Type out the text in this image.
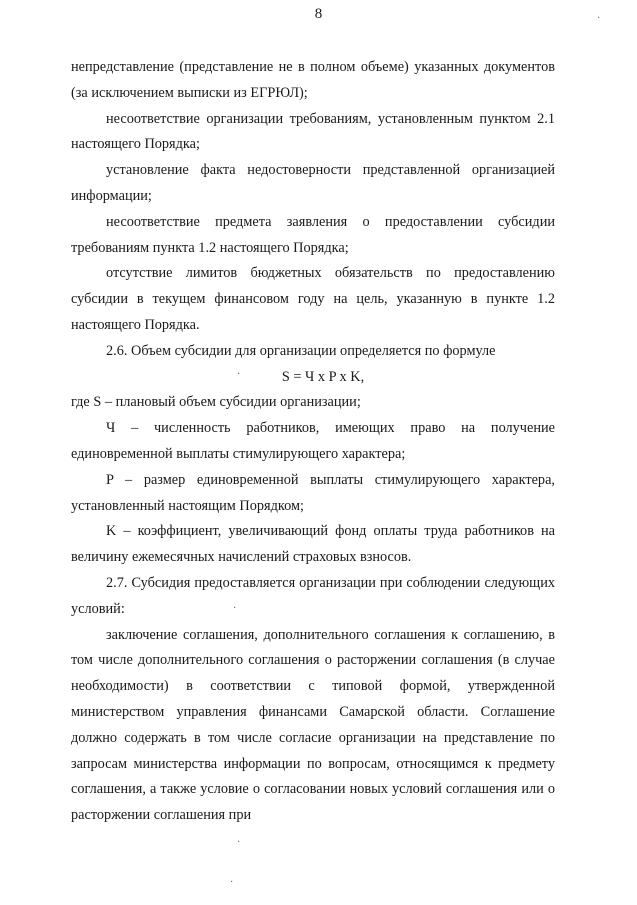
8

непредставление (представление не в полном объеме) указанных документов (за исключением выписки из ЕГРЮЛ);

несоответствие организации требованиям, установленным пунктом 2.1 настоящего Порядка;

установление факта недостоверности представленной организацией информации;

несоответствие предмета заявления о предоставлении субсидии требованиям пункта 1.2 настоящего Порядка;

отсутствие лимитов бюджетных обязательств по предоставлению субсидии в текущем финансовом году на цель, указанную в пункте 1.2 настоящего Порядка.

2.6. Объем субсидии для организации определяется по формуле

S = Ч x P x K,

где S – плановый объем субсидии организации;

Ч – численность работников, имеющих право на получение единовременной выплаты стимулирующего характера;

P – размер единовременной выплаты стимулирующего характера, установленный настоящим Порядком;

K – коэффициент, увеличивающий фонд оплаты труда работников на величину ежемесячных начислений страховых взносов.

2.7. Субсидия предоставляется организации при соблюдении следующих условий:

заключение соглашения, дополнительного соглашения к соглашению, в том числе дополнительного соглашения о расторжении соглашения (в случае необходимости) в соответствии с типовой формой, утвержденной министерством управления финансами Самарской области. Соглашение должно содержать в том числе согласие организации на представление по запросам министерства информации по вопросам, относящимся к предмету соглашения, а также условие о согласовании новых условий соглашения или о расторжении соглашения при

·
·
·
·
·
